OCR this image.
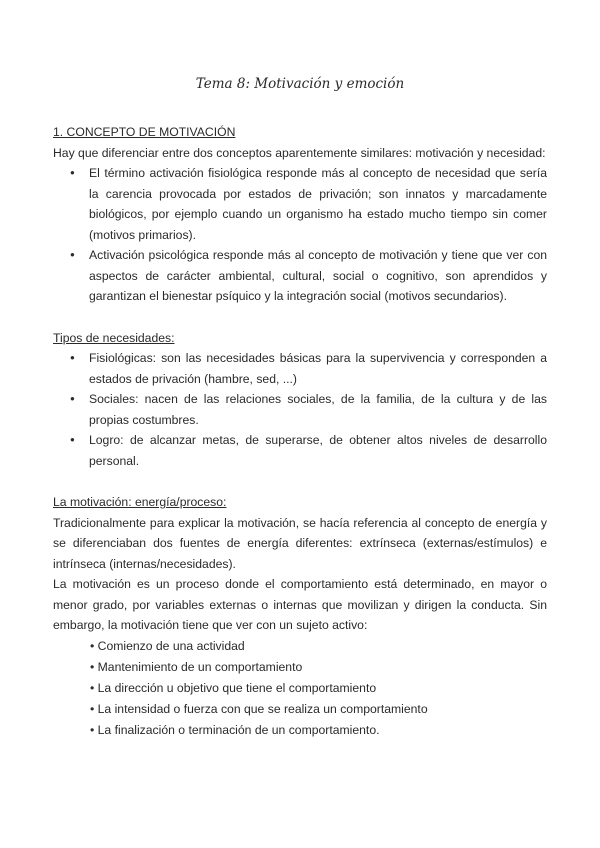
Tema 8: Motivación y emoción

1. CONCEPTO DE MOTIVACIÓN

Hay que diferenciar entre dos conceptos aparentemente similares: motivación y necesidad:

● El término activación fisiológica responde más al concepto de necesidad que sería la carencia provocada por estados de privación; son innatos y marcadamente biológicos, por ejemplo cuando un organismo ha estado mucho tiempo sin comer (motivos primarios).
● Activación psicológica responde más al concepto de motivación y tiene que ver con aspectos de carácter ambiental, cultural, social o cognitivo, son aprendidos y garantizan el bienestar psíquico y la integración social (motivos secundarios).

Tipos de necesidades:

● Fisiológicas: son las necesidades básicas para la supervivencia y corresponden a estados de privación (hambre, sed, ...)
● Sociales: nacen de las relaciones sociales, de la familia, de la cultura y de las propias costumbres.
● Logro: de alcanzar metas, de superarse, de obtener altos niveles de desarrollo personal.

La motivación: energía/proceso:

Tradicionalmente para explicar la motivación, se hacía referencia al concepto de energía y se diferenciaban dos fuentes de energía diferentes: extrínseca (externas/estímulos) e intrínseca (internas/necesidades).

La motivación es un proceso donde el comportamiento está determinado, en mayor o menor grado, por variables externas o internas que movilizan y dirigen la conducta. Sin embargo, la motivación tiene que ver con un sujeto activo:

• Comienzo de una actividad
• Mantenimiento de un comportamiento
• La dirección u objetivo que tiene el comportamiento
• La intensidad o fuerza con que se realiza un comportamiento
• La finalización o terminación de un comportamiento.
